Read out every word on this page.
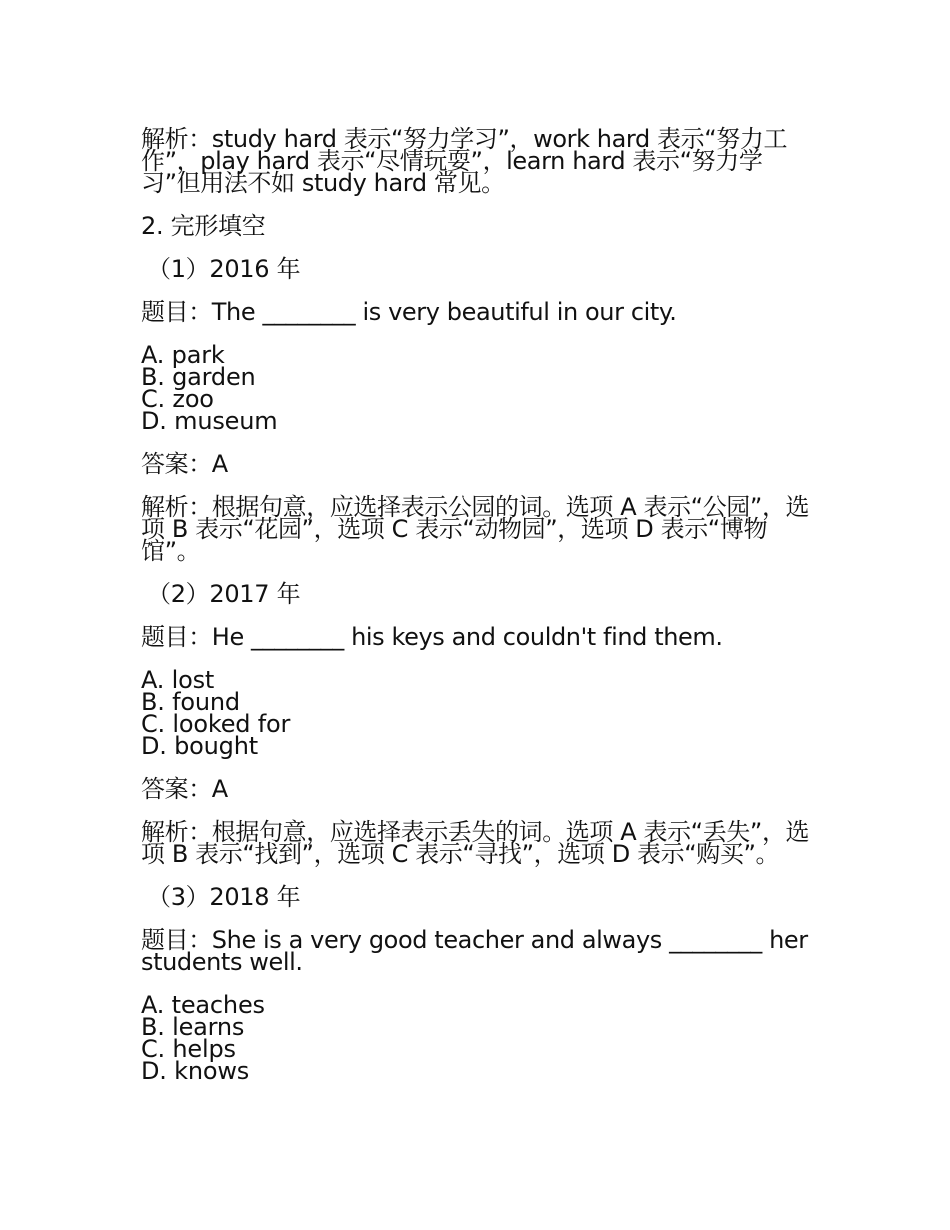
解析：study hard 表示“努力学习”，work hard 表示“努力工作”，play hard 表示“尽情玩耍”，learn hard 表示“努力学习”但用法不如 study hard 常见。

2. 完形填空
（1）2016 年
题目：The ________ is very beautiful in our city.
A. park
B. garden
C. zoo
D. museum
答案：A

解析：根据句意，应选择表示公园的词。选项 A 表示“公园”，选项 B 表示“花园”，选项 C 表示“动物园”，选项 D 表示“博物馆”。

（2）2017 年
题目：He ________ his keys and couldn't find them.
A. lost
B. found
C. looked for
D. bought
答案：A

解析：根据句意，应选择表示丢失的词。选项 A 表示“丢失”，选项 B 表示“找到”，选项 C 表示“寻找”，选项 D 表示“购买”。

（3）2018 年

题目：She is a very good teacher and always ________ her students well.

A. teaches
B. learns
C. helps
D. knows
